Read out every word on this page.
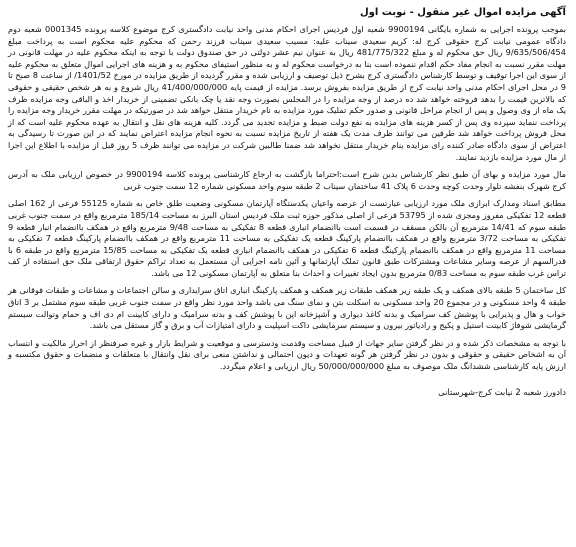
آگهی مزایده اموال غیر منقول - نوبت اول

بموجب پرونده اجرایی به شماره بایگانی 9900194 شعبه اول فردیس اجرای احکام مدنی واحد نیابت دادگستری کرج موضوع کلاسه پرونده 0001345 شعبه دوم دادگاه عمومی نیابت کرج حقوقی کرج له: کریم سعیدی سیناب علیه: مسیب سعیدی سیناب فرزند رحمن که محکوم علیه محکوم است به پرداخت مبلغ 9/635/506/454 ریال حق محکوم له و مبلغ 481/775/322 ریال به عنوان نیم عشر دولتی در حق صندوق دولت با توجه به اینکه محکوم علیه در مهلت قانونی در مهلت مقرر نسبت به انجام مفاد حکم اقدام ننموده است بنا به درخواست محکوم له و به منظور استیفای محکوم به و هزینه های اجرایی اموال متعلق به محکوم علیه از سوی این اجرا توقیف و توسط کارشناس دادگستری کرج بشرح ذیل توصیف و ارزیابی شده و مقرر گردیده از طریق مزایده در مورخ 1401/52/ از ساعت 8 صبح تا 9 در محل اجرای احکام مدنی واحد نیابت کرج از طریق مزایده بفروش برسد. مزایده از قیمت پایه 41/400/000/000 ریال شروع و به هر شخص حقیقی و حقوقی که بالاترین قیمت را بدهد فروخته خواهد شد ده درصد از وجه مزایده را در المجلس بصورت وجه نقد یا چک بانکی تضمینی از خریدار اخذ و الباقی وجه مزایده ظرف یک ماه از وی وصول و پس از انجام مراحل قانونی و صدور حکم تملیک مورد مزایده به نام خریدار منتقل خواهد شد در صورتیکه در مهلت مقرر خریدار وجه مزایده را پرداخت ننماید سپرده وی پس از کسر هزینه های مزایده به نفع دولت ضبط و مزایده تجدید می گردد. کلیه هزینه های نقل و انتقال به عهده محکوم علیه است که از محل فروش پرداخت خواهد شد طرفین می توانند ظرف مدت یک هفته از تاریخ مزایده نسبت به نحوه انجام مزایده اعتراض نمایند که در این صورت تا رسیدگی به اعتراض از سوی دادگاه صادر کننده رای مزایده بنام خریدار منتقل نخواهد شد ضمنا طالبین شرکت در مزایده می توانند ظرف 5 روز قبل از مزایده با اطلاع این اجرا از مال مورد مزایده بازدید نمایند.

مال مورد مزایده و بهای آن طبق نظر کارشناس بدین شرح است:احتراما بازگشت به ارجاع کارشناسی پرونده کلاسه 9900194 در خصوص ارزیابی ملک به آدرس کرج شهرک بنفشه تلوار وحدت کوچه وحدت 6 پلاک 41 ساختمان سیناب 2 طبقه سوم واحد مسکونی شماره 12 سمت جنوب غربی

مطابق اسناد ومدارک ابرازی ملک مورد ارزیابی عبارتست از عرصه واعیان یکدستگاه آپارتمان مسکونی وضعیت طلق خاص به شماره 55125 فرعی از 162 اصلی قطعه 12 تفکیکی مفروز ومجزی شده از 53795 فرعی از اصلی مذکور حوزه ثبت ملک فردیس استان البرز به مساحت 185/14 مترمربع واقع در سمت جنوب غربی طبقه سوم که 14/41 مترمربع آن بالکن مسقف در قسمت است باانضمام انباری قطعه 8 تفکیکی به مساحت 9/48 مترمربع واقع در همکف باانضمام انبار قطعه 9 تفکیکی به مساحت 3/72 مترمربع واقع در همکف باانضمام پارکینگ قطعه یک تفکیکی به مساحت 11 مترمربع واقع در همکف باانضمام پارکینگ قطعه 7 تفکیکی به مساحت 11 مترمربع واقع در همکف باانضمام پارکینگ قطعه 6 تفکیکی در همکف باانضمام انباری قطعه یک تفکیکی به مساحت 15/85 مترمربع واقع در طبقه 6 با قدرالسهم از عرصه وسایر مشاعات ومشترکات طبق قانون تملک آپارتمانها و آئین نامه اجرایی آن مستعمل به تعداد تراکم حقوق ارتفاقی ملک حق استفاده از کف تراس غرب طبقه سوم به مساحت 0/83 مترمربع بدون ایجاد تغییرات و احداث بنا متعلق به آپارتمان مسکونی 12 می باشد.

کل ساختمان 5 طبقه بالای همکف و یک طبقه زیر همکف طبقات زیر همکف و همکف پارکینگ انباری اتاق سرایداری و سالن اجتماعات و مشاعات و طبقات فوقانی هر طبقه 4 واحد مسکونی و در مجموع 20 واحد مسکونی به اسکلت بتن و نمای سنگ می باشد واحد مورد نظر واقع در سمت جنوب غربی طبقه سوم مشتمل بر 3 اتاق خواب و هال و پذیرایی با پوشش کف سرامیک و بدنه کاغذ دیواری و آشپزخانه اپن با پوشش کف و بدنه سرامیک و دارای کابینت ام دی اف و حمام وتوالت سیستم گرمایشی شوفاژ کابینت استیل و پکیج و رادیاتور بیرون و سیستم سرمایشی داکت اسپلیت و دارای امتیازات آب و برق و گاز مستقل می باشد.

با توجه به مشخصات ذکر شده و در نظر گرفتن سایر جهات از قبیل مساحت وقدمت ودسترسی و موقعیت و شرایط بازار و غیره صرفنظر از احراز مالکیت و انتساب آن به اشخاص حقیقی و حقوقی و بدون در نظر گرفتن هر گونه تعهدات و دیون احتمالی و نداشتن منعی برای نقل وانتقال با متعلقات و منضمات و حقوق مکتسبه و ارزش پایه کارشناسی ششدانگ ملک موصوف به مبلغ 50/000/000/000 ریال ارزیابی و اعلام میگردد.

دادورز شعبه 2 نیابت کرج-شهرستانی
